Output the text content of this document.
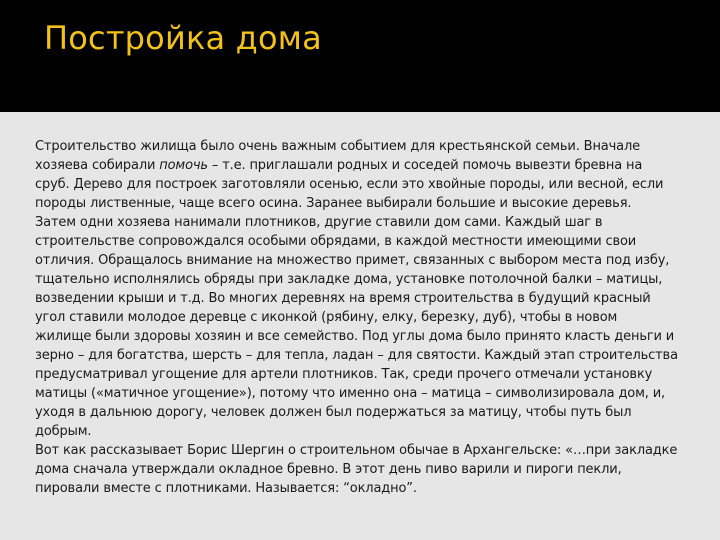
Постройка дома
Строительство жилища было очень важным событием для крестьянской семьи. Вначале
хозяева собирали помочь – т.е. приглашали родных и соседей помочь вывезти бревна на
сруб. Дерево для построек заготовляли осенью, если это хвойные породы, или весной, если
породы лиственные, чаще всего осина. Заранее выбирали большие и высокие деревья.
Затем одни хозяева нанимали плотников, другие ставили дом сами. Каждый шаг в
строительстве сопровождался особыми обрядами, в каждой местности имеющими свои
отличия. Обращалось внимание на множество примет, связанных с выбором места под избу,
тщательно исполнялись обряды при закладке дома, установке потолочной балки – матицы,
возведении крыши и т.д. Во многих деревнях на время строительства в будущий красный
угол ставили молодое деревце с иконкой (рябину, елку, березку, дуб), чтобы в новом
жилище были здоровы хозяин и все семейство. Под углы дома было принято класть деньги и
зерно – для богатства, шерсть – для тепла, ладан – для святости. Каждый этап строительства
предусматривал угощение для артели плотников. Так, среди прочего отмечали установку
матицы («матичное угощение»), потому что именно она – матица – символизировала дом, и,
уходя в дальнюю дорогу, человек должен был подержаться за матицу, чтобы путь был
добрым.
Вот как рассказывает Борис Шергин о строительном обычае в Архангельске: «…при закладке
дома сначала утверждали окладное бревно. В этот день пиво варили и пироги пекли,
пировали вместе с плотниками. Называется: “окладно”.
